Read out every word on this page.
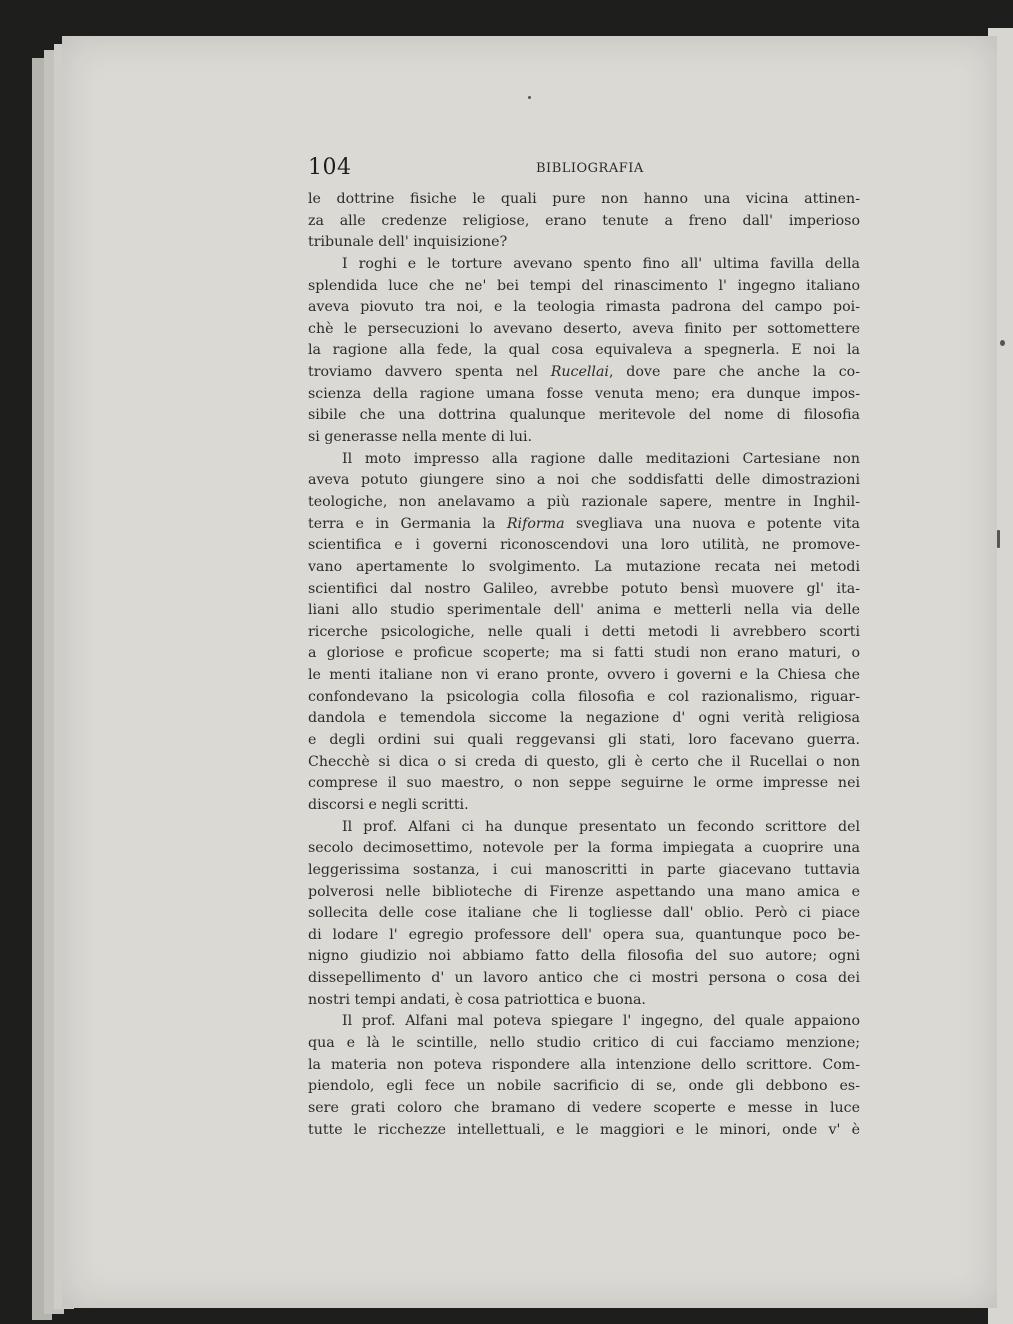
104	BIBLIOGRAFIA
le dottrine fisiche le quali pure non hanno una vicina attinen-
za alle credenze religiose, erano tenute a freno dall' imperioso
tribunale dell' inquisizione?
I roghi e le torture avevano spento fino all' ultima favilla della
splendida luce che ne' bei tempi del rinascimento l' ingegno italiano
aveva piovuto tra noi, e la teologia rimasta padrona del campo poi-
chè le persecuzioni lo avevano deserto, aveva finito per sottomettere
la ragione alla fede, la qual cosa equivaleva a spegnerla. E noi la
troviamo davvero spenta nel Rucellai, dove pare che anche la co-
scienza della ragione umana fosse venuta meno; era dunque impos-
sibile che una dottrina qualunque meritevole del nome di filosofia
si generasse nella mente di lui.
Il moto impresso alla ragione dalle meditazioni Cartesiane non
aveva potuto giungere sino a noi che soddisfatti delle dimostrazioni
teologiche, non anelavamo a più razionale sapere, mentre in Inghil-
terra e in Germania la Riforma svegliava una nuova e potente vita
scientifica e i governi riconoscendovi una loro utilità, ne promove-
vano apertamente lo svolgimento. La mutazione recata nei metodi
scientifici dal nostro Galileo, avrebbe potuto bensì muovere gl' ita-
liani allo studio sperimentale dell' anima e metterli nella via delle
ricerche psicologiche, nelle quali i detti metodi li avrebbero scorti
a gloriose e proficue scoperte; ma si fatti studi non erano maturi, o
le menti italiane non vi erano pronte, ovvero i governi e la Chiesa che
confondevano la psicologia colla filosofia e col razionalismo, riguar-
dandola e temendola siccome la negazione d' ogni verità religiosa
e degli ordini sui quali reggevansi gli stati, loro facevano guerra.
Checchè si dica o si creda di questo, gli è certo che il Rucellai o non
comprese il suo maestro, o non seppe seguirne le orme impresse nei
discorsi e negli scritti.
Il prof. Alfani ci ha dunque presentato un fecondo scrittore del
secolo decimosettimo, notevole per la forma impiegata a cuoprire una
leggerissima sostanza, i cui manoscritti in parte giacevano tuttavia
polverosi nelle biblioteche di Firenze aspettando una mano amica e
sollecita delle cose italiane che li togliesse dall' oblio. Però ci piace
di lodare l' egregio professore dell' opera sua, quantunque poco be-
nigno giudizio noi abbiamo fatto della filosofia del suo autore; ogni
dissepellimento d' un lavoro antico che ci mostri persona o cosa dei
nostri tempi andati, è cosa patriottica e buona.
Il prof. Alfani mal poteva spiegare l' ingegno, del quale appaiono
qua e là le scintille, nello studio critico di cui facciamo menzione;
la materia non poteva rispondere alla intenzione dello scrittore. Com-
piendolo, egli fece un nobile sacrificio di se, onde gli debbono es-
sere grati coloro che bramano di vedere scoperte e messe in luce
tutte le ricchezze intellettuali, e le maggiori e le minori, onde v' è
